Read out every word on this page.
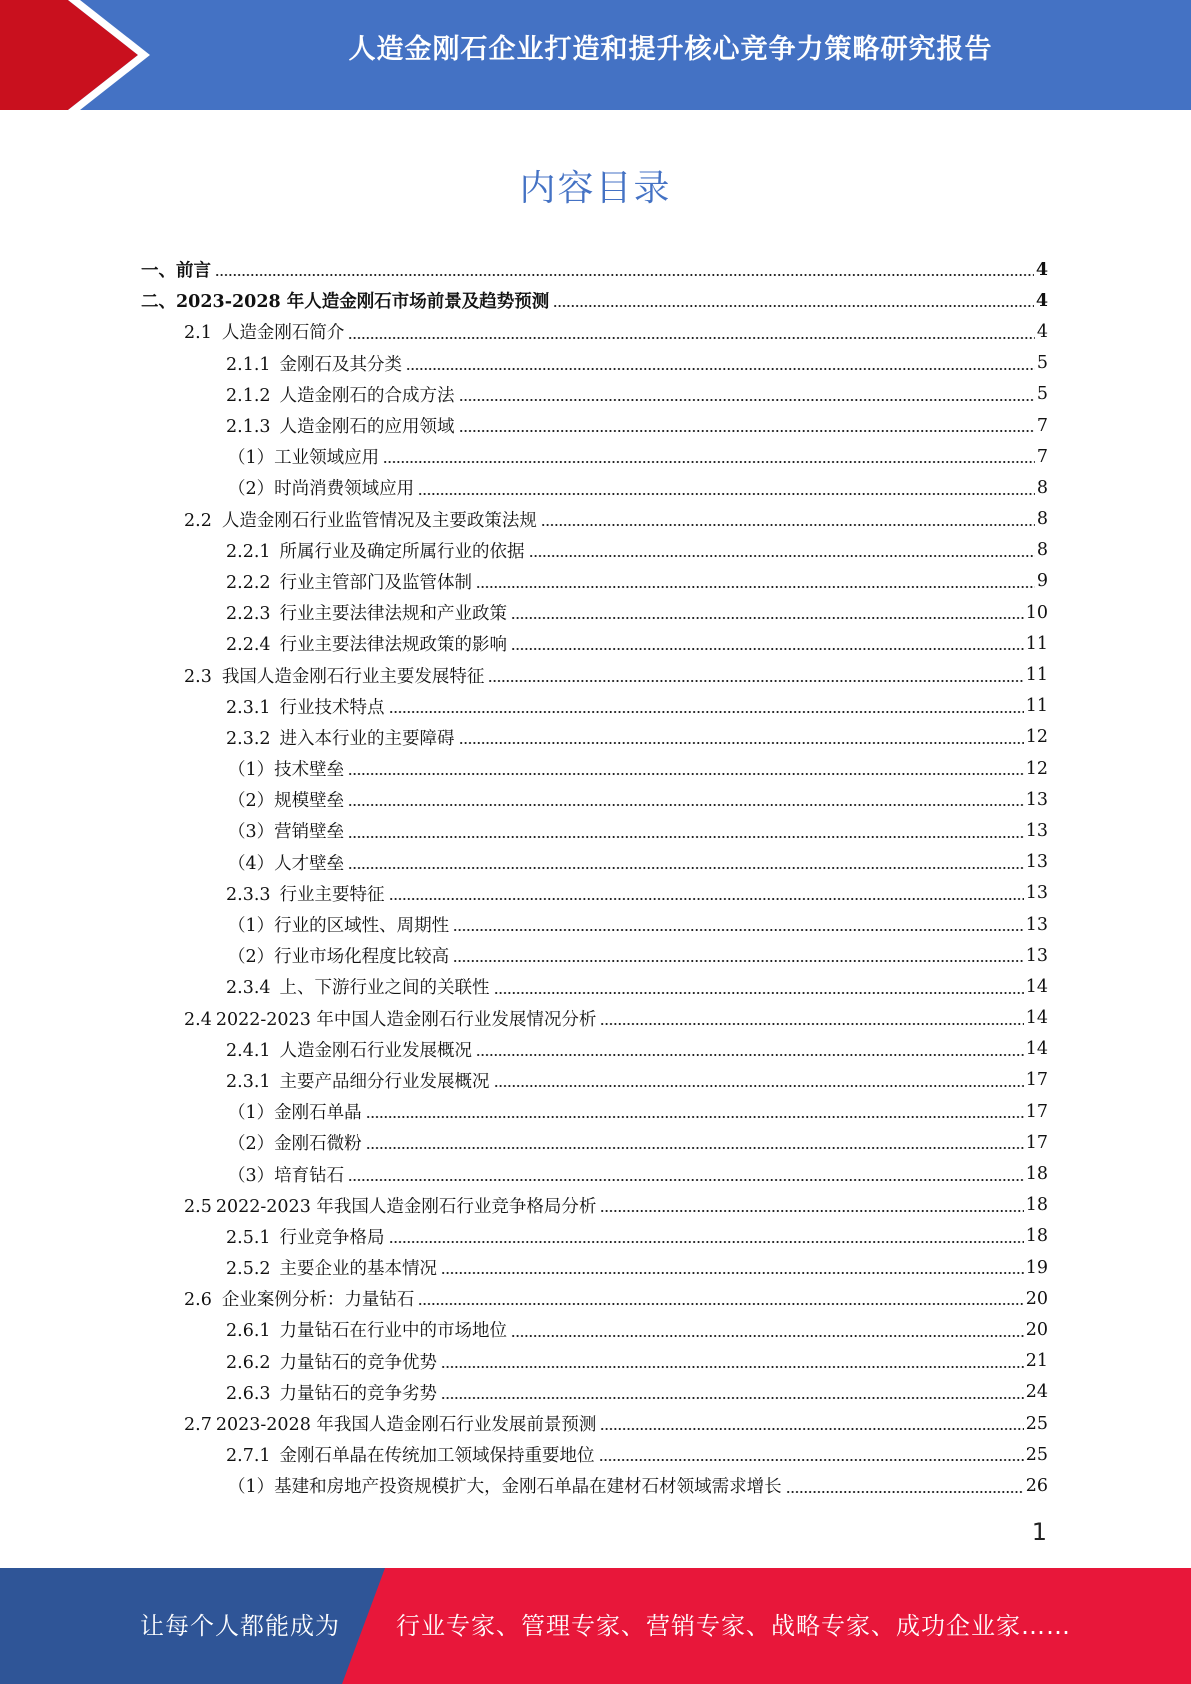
人造金刚石企业打造和提升核心竞争力策略研究报告
内容目录
一、前言	4
二、2023-2028 年人造金刚石市场前景及趋势预测	4
2.1 人造金刚石简介	4
2.1.1 金刚石及其分类	5
2.1.2 人造金刚石的合成方法	5
2.1.3 人造金刚石的应用领域	7
（1）工业领域应用	7
（2）时尚消费领域应用	8
2.2 人造金刚石行业监管情况及主要政策法规	8
2.2.1 所属行业及确定所属行业的依据	8
2.2.2 行业主管部门及监管体制	9
2.2.3 行业主要法律法规和产业政策	10
2.2.4 行业主要法律法规政策的影响	11
2.3 我国人造金刚石行业主要发展特征	11
2.3.1 行业技术特点	11
2.3.2 进入本行业的主要障碍	12
（1）技术壁垒	12
（2）规模壁垒	13
（3）营销壁垒	13
（4）人才壁垒	13
2.3.3 行业主要特征	13
（1）行业的区域性、周期性	13
（2）行业市场化程度比较高	13
2.3.4 上、下游行业之间的关联性	14
2.4 2022-2023 年中国人造金刚石行业发展情况分析	14
2.4.1 人造金刚石行业发展概况	14
2.3.1 主要产品细分行业发展概况	17
（1）金刚石单晶	17
（2）金刚石微粉	17
（3）培育钻石	18
2.5 2022-2023 年我国人造金刚石行业竞争格局分析	18
2.5.1 行业竞争格局	18
2.5.2 主要企业的基本情况	19
2.6 企业案例分析：力量钻石	20
2.6.1 力量钻石在行业中的市场地位	20
2.6.2 力量钻石的竞争优势	21
2.6.3 力量钻石的竞争劣势	24
2.7 2023-2028 年我国人造金刚石行业发展前景预测	25
2.7.1 金刚石单晶在传统加工领域保持重要地位	25
（1）基建和房地产投资规模扩大，金刚石单晶在建材石材领域需求增长	26
1
让每个人都能成为 行业专家、管理专家、营销专家、战略专家、成功企业家……
